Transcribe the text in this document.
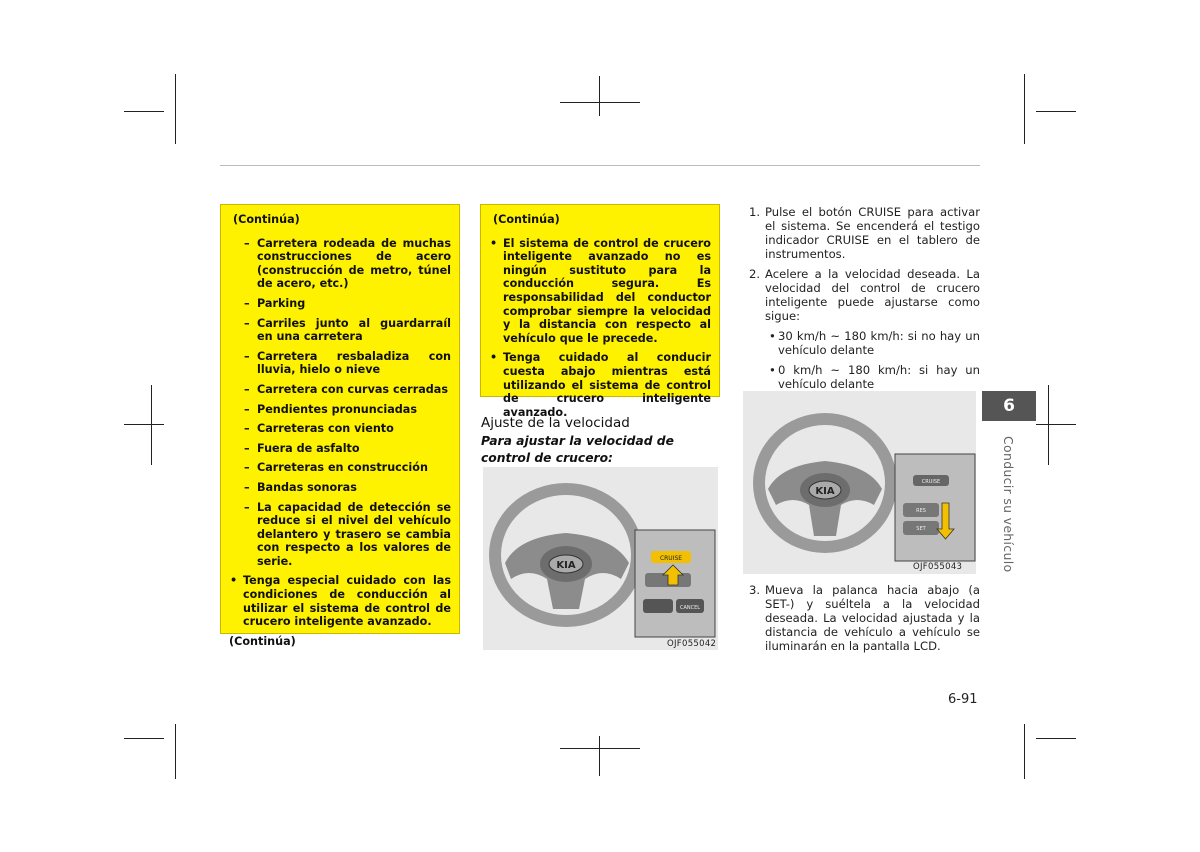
(Continúa)

– Carretera rodeada de muchas construcciones de acero (construcción de metro, túnel de acero, etc.)
– Parking
– Carriles junto al guardarraíl en una carretera
– Carretera resbaladiza con lluvia, hielo o nieve
– Carretera con curvas cerradas
– Pendientes pronunciadas
– Carreteras con viento
– Fuera de asfalto
– Carreteras en construcción
– Bandas sonoras
– La capacidad de detección se reduce si el nivel del vehículo delantero y trasero se cambia con respecto a los valores de serie.
• Tenga especial cuidado con las condiciones de conducción al utilizar el sistema de control de crucero inteligente avanzado.

(Continúa)

(Continúa)

• El sistema de control de crucero inteligente avanzado no es ningún sustituto para la conducción segura. Es responsabilidad del conductor comprobar siempre la velocidad y la distancia con respecto al vehículo que le precede.
• Tenga cuidado al conducir cuesta abajo mientras está utilizando el sistema de control de crucero inteligente avanzado.
Ajuste de la velocidad
Para ajustar la velocidad de control de crucero:
KIA
CRUISE
CANCEL
OJF055042
1. Pulse el botón CRUISE para activar el sistema. Se encenderá el testigo indicador CRUISE en el tablero de instrumentos.
2. Acelere a la velocidad deseada. La velocidad del control de crucero inteligente puede ajustarse como sigue:
• 30 km/h ~ 180 km/h: si no hay un vehículo delante
• 0 km/h ~ 180 km/h: si hay un vehículo delante
KIA
CRUISE
RES
SET
OJF055043
3. Mueva la palanca hacia abajo (a SET-) y suéltela a la velocidad deseada. La velocidad ajustada y la distancia de vehículo a vehículo se iluminarán en la pantalla LCD.
6
Conducir su vehículo
6-91
